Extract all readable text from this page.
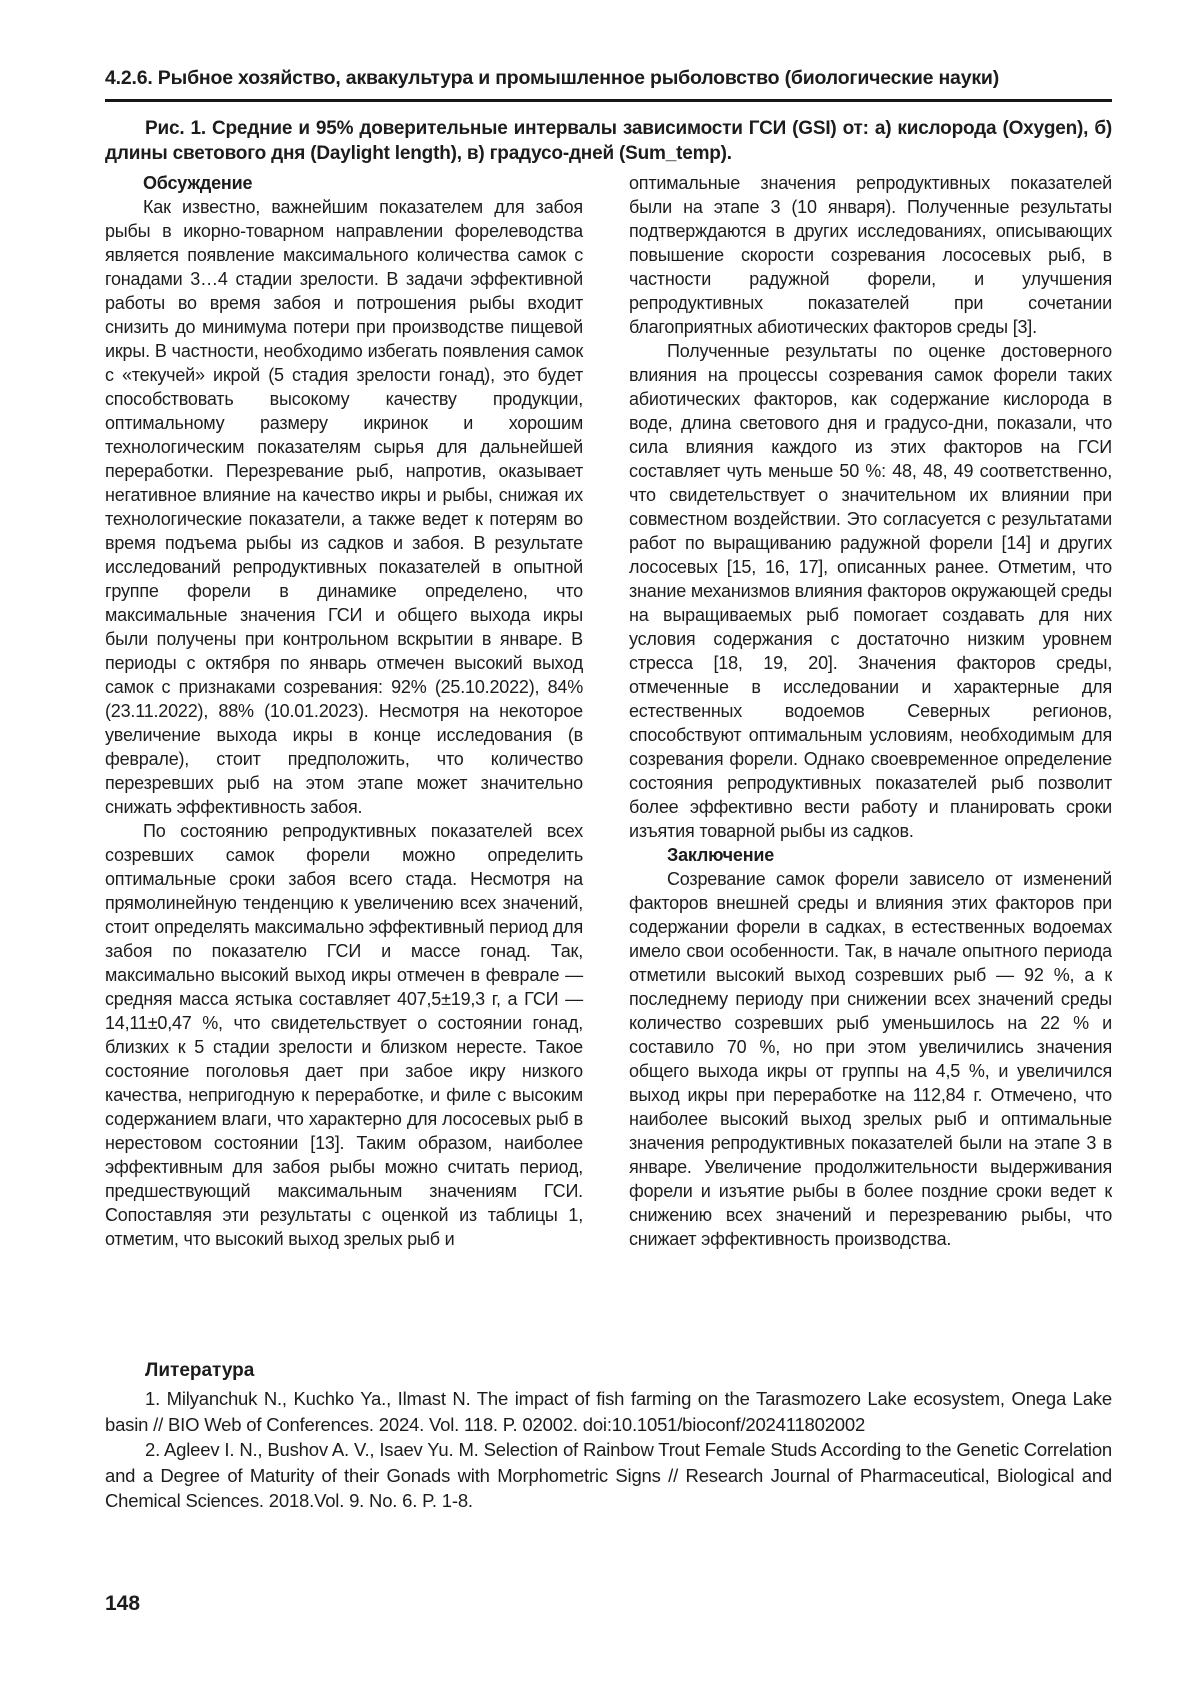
4.2.6. Рыбное хозяйство, аквакультура и промышленное рыболовство (биологические науки)

Рис. 1. Средние и 95% доверительные интервалы зависимости ГСИ (GSI) от: а) кислорода (Oxygen), б) длины светового дня (Daylight length), в) градусо-дней (Sum_temp).

Обсуждение

Как известно, важнейшим показателем для забоя рыбы в икорно-товарном направлении форелеводства является появление максимального количества самок с гонадами 3…4 стадии зрелости. В задачи эффективной работы во время забоя и потрошения рыбы входит снизить до минимума потери при производстве пищевой икры. В частности, необходимо избегать появления самок с «текучей» икрой (5 стадия зрелости гонад), это будет способствовать высокому качеству продукции, оптимальному размеру икринок и хорошим технологическим показателям сырья для дальнейшей переработки. Перезревание рыб, напротив, оказывает негативное влияние на качество икры и рыбы, снижая их технологические показатели, а также ведет к потерям во время подъема рыбы из садков и забоя. В результате исследований репродуктивных показателей в опытной группе форели в динамике определено, что максимальные значения ГСИ и общего выхода икры были получены при контрольном вскрытии в январе. В периоды с октября по январь отмечен высокий выход самок с признаками созревания: 92% (25.10.2022), 84% (23.11.2022), 88% (10.01.2023). Несмотря на некоторое увеличение выхода икры в конце исследования (в феврале), стоит предположить, что количество перезревших рыб на этом этапе может значительно снижать эффективность забоя.

По состоянию репродуктивных показателей всех созревших самок форели можно определить оптимальные сроки забоя всего стада. Несмотря на прямолинейную тенденцию к увеличению всех значений, стоит определять максимально эффективный период для забоя по показателю ГСИ и массе гонад. Так, максимально высокий выход икры отмечен в феврале — средняя масса ястыка составляет 407,5±19,3 г, а ГСИ — 14,11±0,47 %, что свидетельствует о состоянии гонад, близких к 5 стадии зрелости и близком нересте. Такое состояние поголовья дает при забое икру низкого качества, непригодную к переработке, и филе с высоким содержанием влаги, что характерно для лососевых рыб в нерестовом состоянии [13]. Таким образом, наиболее эффективным для забоя рыбы можно считать период, предшествующий максимальным значениям ГСИ. Сопоставляя эти результаты с оценкой из таблицы 1, отметим, что высокий выход зрелых рыб и

оптимальные значения репродуктивных показателей были на этапе 3 (10 января). Полученные результаты подтверждаются в других исследованиях, описывающих повышение скорости созревания лососевых рыб, в частности радужной форели, и улучшения репродуктивных показателей при сочетании благоприятных абиотических факторов среды [3].

Полученные результаты по оценке достоверного влияния на процессы созревания самок форели таких абиотических факторов, как содержание кислорода в воде, длина светового дня и градусо-дни, показали, что сила влияния каждого из этих факторов на ГСИ составляет чуть меньше 50 %: 48, 48, 49 соответственно, что свидетельствует о значительном их влиянии при совместном воздействии. Это согласуется с результатами работ по выращиванию радужной форели [14] и других лососевых [15, 16, 17], описанных ранее. Отметим, что знание механизмов влияния факторов окружающей среды на выращиваемых рыб помогает создавать для них условия содержания с достаточно низким уровнем стресса [18, 19, 20]. Значения факторов среды, отмеченные в исследовании и характерные для естественных водоемов Северных регионов, способствуют оптимальным условиям, необходимым для созревания форели. Однако своевременное определение состояния репродуктивных показателей рыб позволит более эффективно вести работу и планировать сроки изъятия товарной рыбы из садков.

Заключение

Созревание самок форели зависело от изменений факторов внешней среды и влияния этих факторов при содержании форели в садках, в естественных водоемах имело свои особенности. Так, в начале опытного периода отметили высокий выход созревших рыб — 92 %, а к последнему периоду при снижении всех значений среды количество созревших рыб уменьшилось на 22 % и составило 70 %, но при этом увеличились значения общего выхода икры от группы на 4,5 %, и увеличился выход икры при переработке на 112,84 г. Отмечено, что наиболее высокий выход зрелых рыб и оптимальные значения репродуктивных показателей были на этапе 3 в январе. Увеличение продолжительности выдерживания форели и изъятие рыбы в более поздние сроки ведет к снижению всех значений и перезреванию рыбы, что снижает эффективность производства.

Литература

1. Milyanchuk N., Kuchko Ya., Ilmast N. The impact of fish farming on the Tarasmozero Lake ecosystem, Onega Lake basin // BIO Web of Conferences. 2024. Vol. 118. P. 02002. doi:10.1051/bioconf/202411802002

2. Agleev I. N., Bushov A. V., Isaev Yu. M. Selection of Rainbow Trout Female Studs According to the Genetic Correlation and a Degree of Maturity of their Gonads with Morphometric Signs // Research Journal of Pharmaceutical, Biological and Chemical Sciences. 2018.Vol. 9. No. 6. P. 1-8.

148
